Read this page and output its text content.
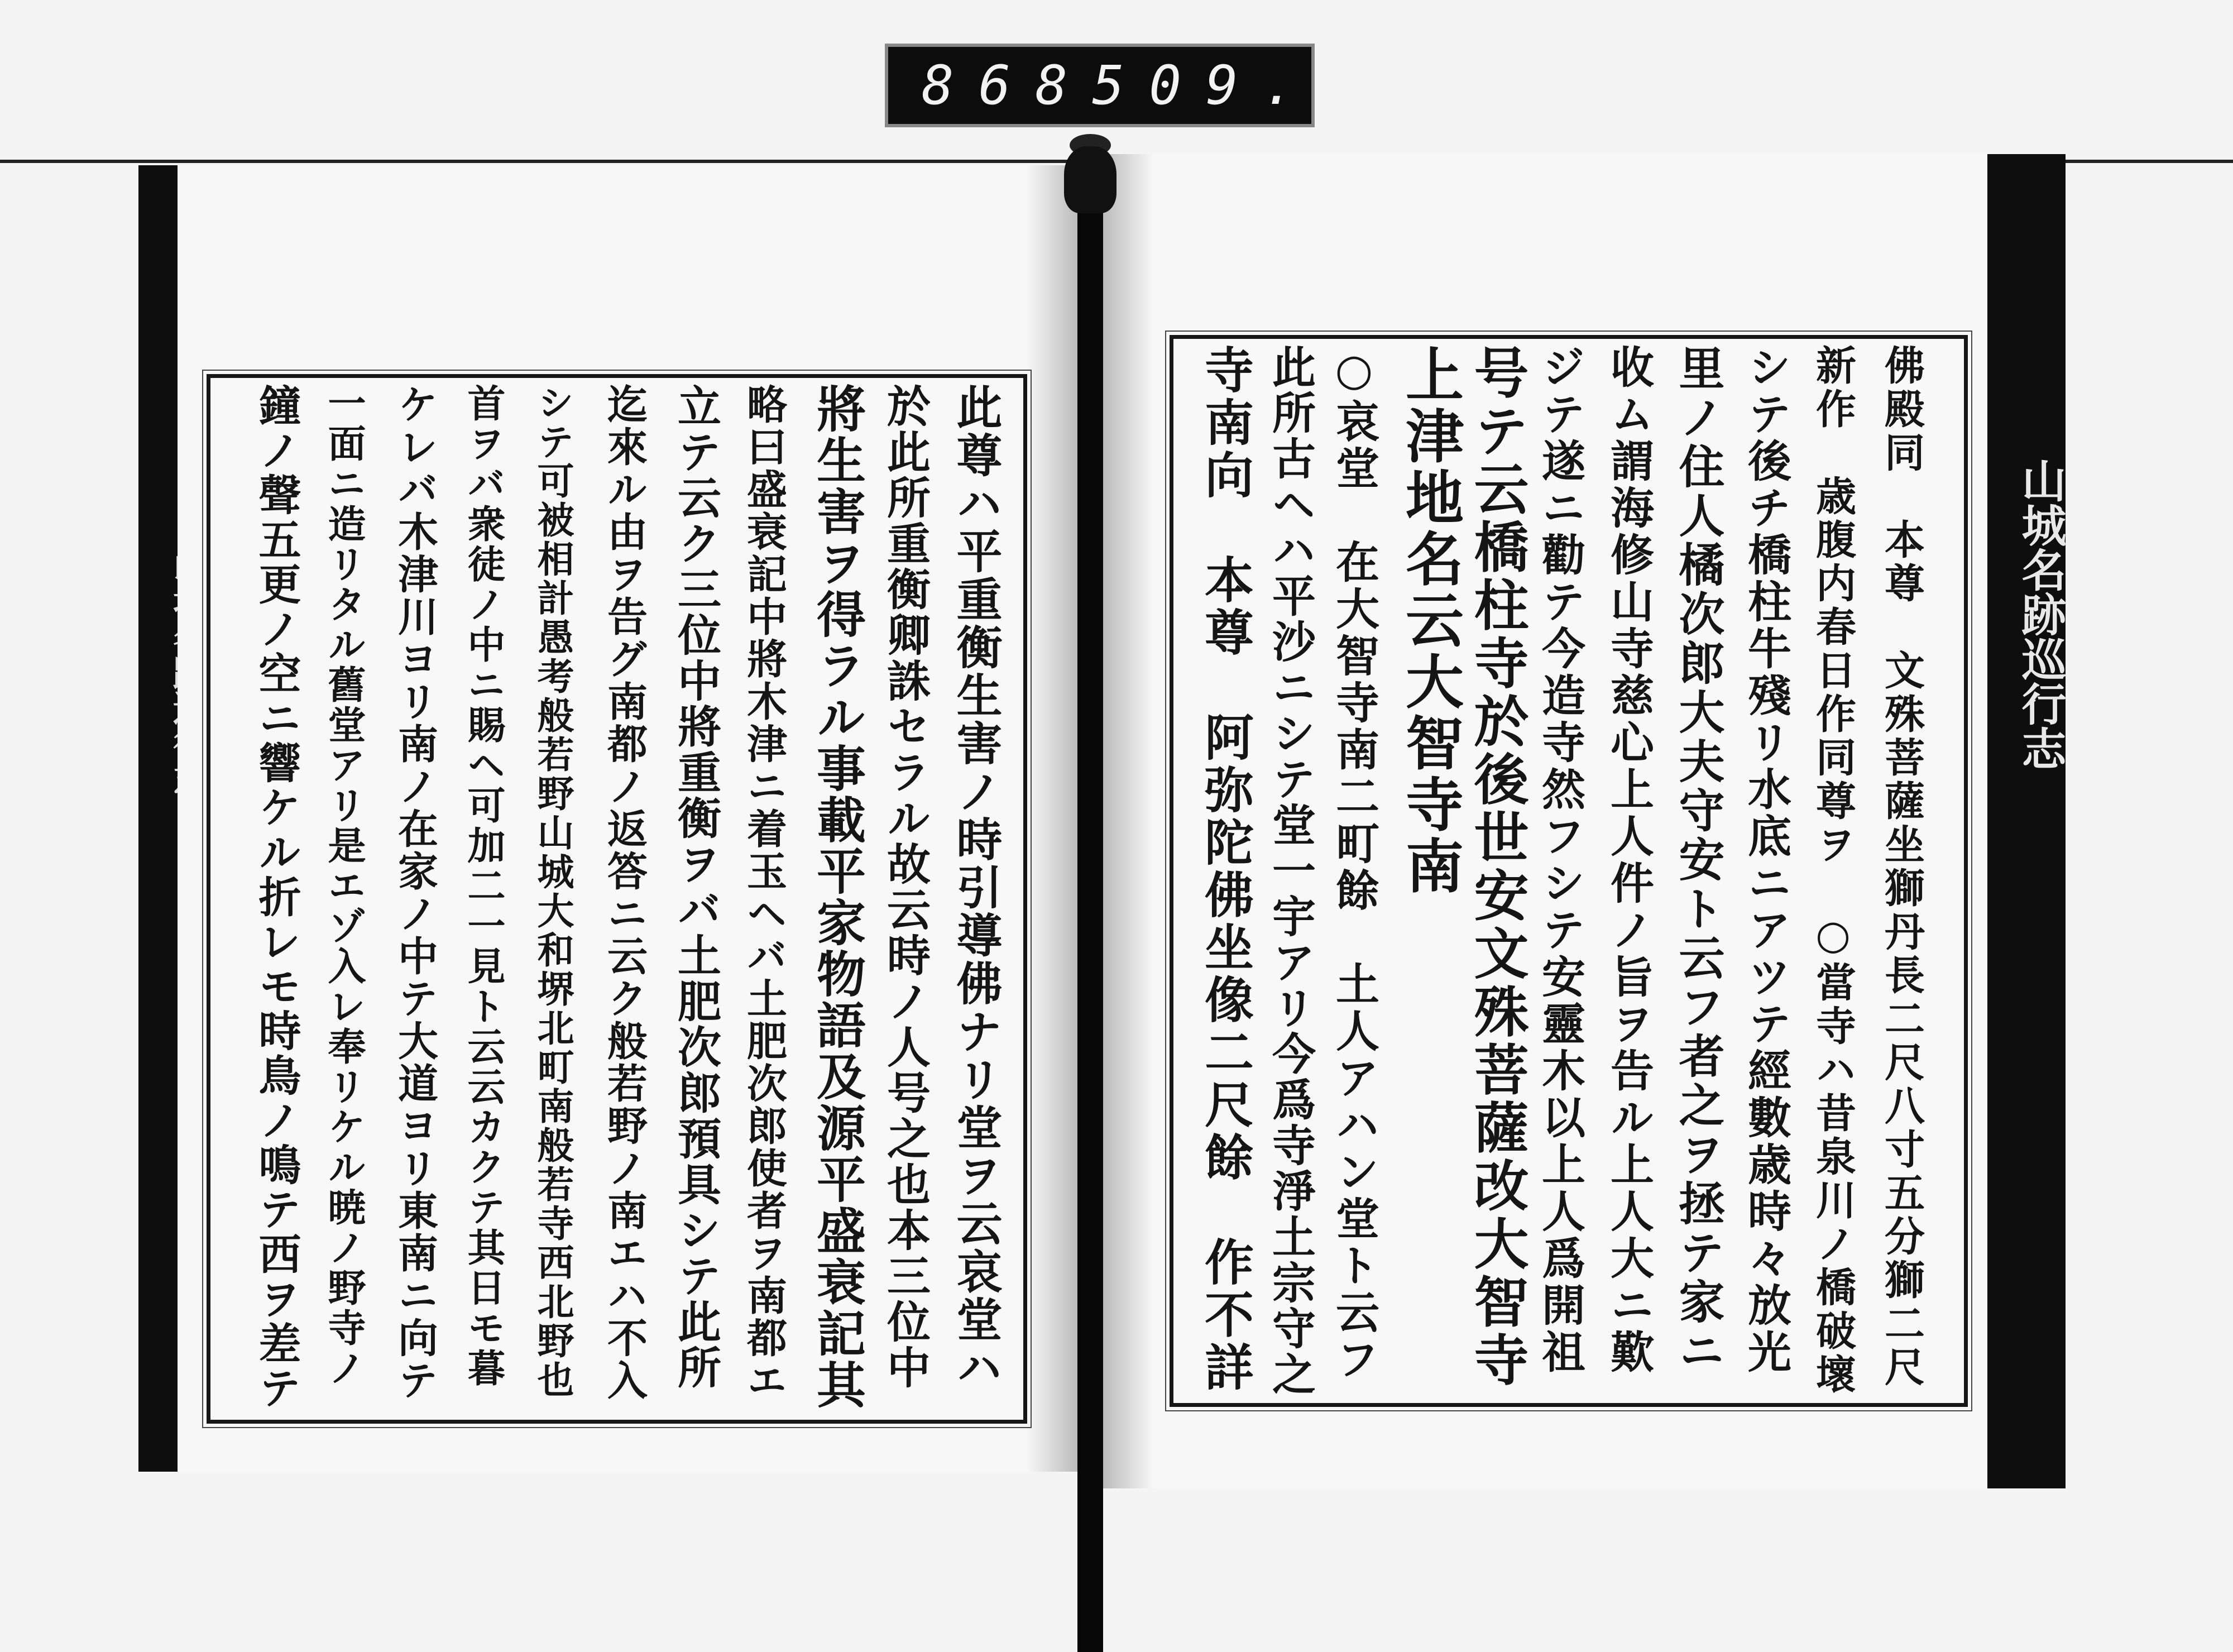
868 509.
山城名跡巡行志
佛殿同　本尊　文殊菩薩坐獅丹長二尺八寸五分獅二尺
新作　歳腹内春日作同尊ヲ　○當寺ハ昔泉川ノ橋破壞
シテ後チ橋柱牛殘リ水底ニアツテ經數歳時々放光
里ノ住人橘次郎大夫守安ト云フ者之ヲ拯テ家ニ
收ム謂海修山寺慈心上人件ノ旨ヲ告ル上人大ニ歎
ジテ遂ニ勸テ今造寺然フシテ安靈木以上人爲開祖
号テ云橋柱寺於後世安文殊菩薩改大智寺
上津地名云大智寺南
○哀堂　在大智寺南二町餘　土人アハン堂ト云フ
此所古ヘハ平沙ニシテ堂一宇アリ今爲寺淨土宗守之
寺南向　本尊　阿弥陀佛坐像二尺餘　作不詳
此尊ハ平重衡生害ノ時引導佛ナリ堂ヲ云哀堂ハ
於此所重衡卿誅セラル故云時ノ人号之也本三位中
將生害ヲ得ラル事載平家物語及源平盛衰記其
略曰盛衰記中將木津ニ着玉ヘバ土肥次郎使者ヲ南都エ
立テ云ク三位中將重衡ヲバ土肥次郎預具シテ此所
迄來ル由ヲ告グ南都ノ返答ニ云ク般若野ノ南エハ不入
シテ可被相計愚考般若野山城大和堺北町南般若寺西北野也
首ヲバ衆徒ノ中ニ賜ヘ可加二一見ト云云カクテ其日モ暮
ケレバ木津川ヨリ南ノ在家ノ中テ大道ヨリ東南ニ向テ
一面ニ造リタル舊堂アリ是エゾ入レ奉リケル暁ノ野寺ノ
鐘ノ聲五更ノ空ニ響ケル折レモ時鳥ノ鳴テ西ヲ差テ
